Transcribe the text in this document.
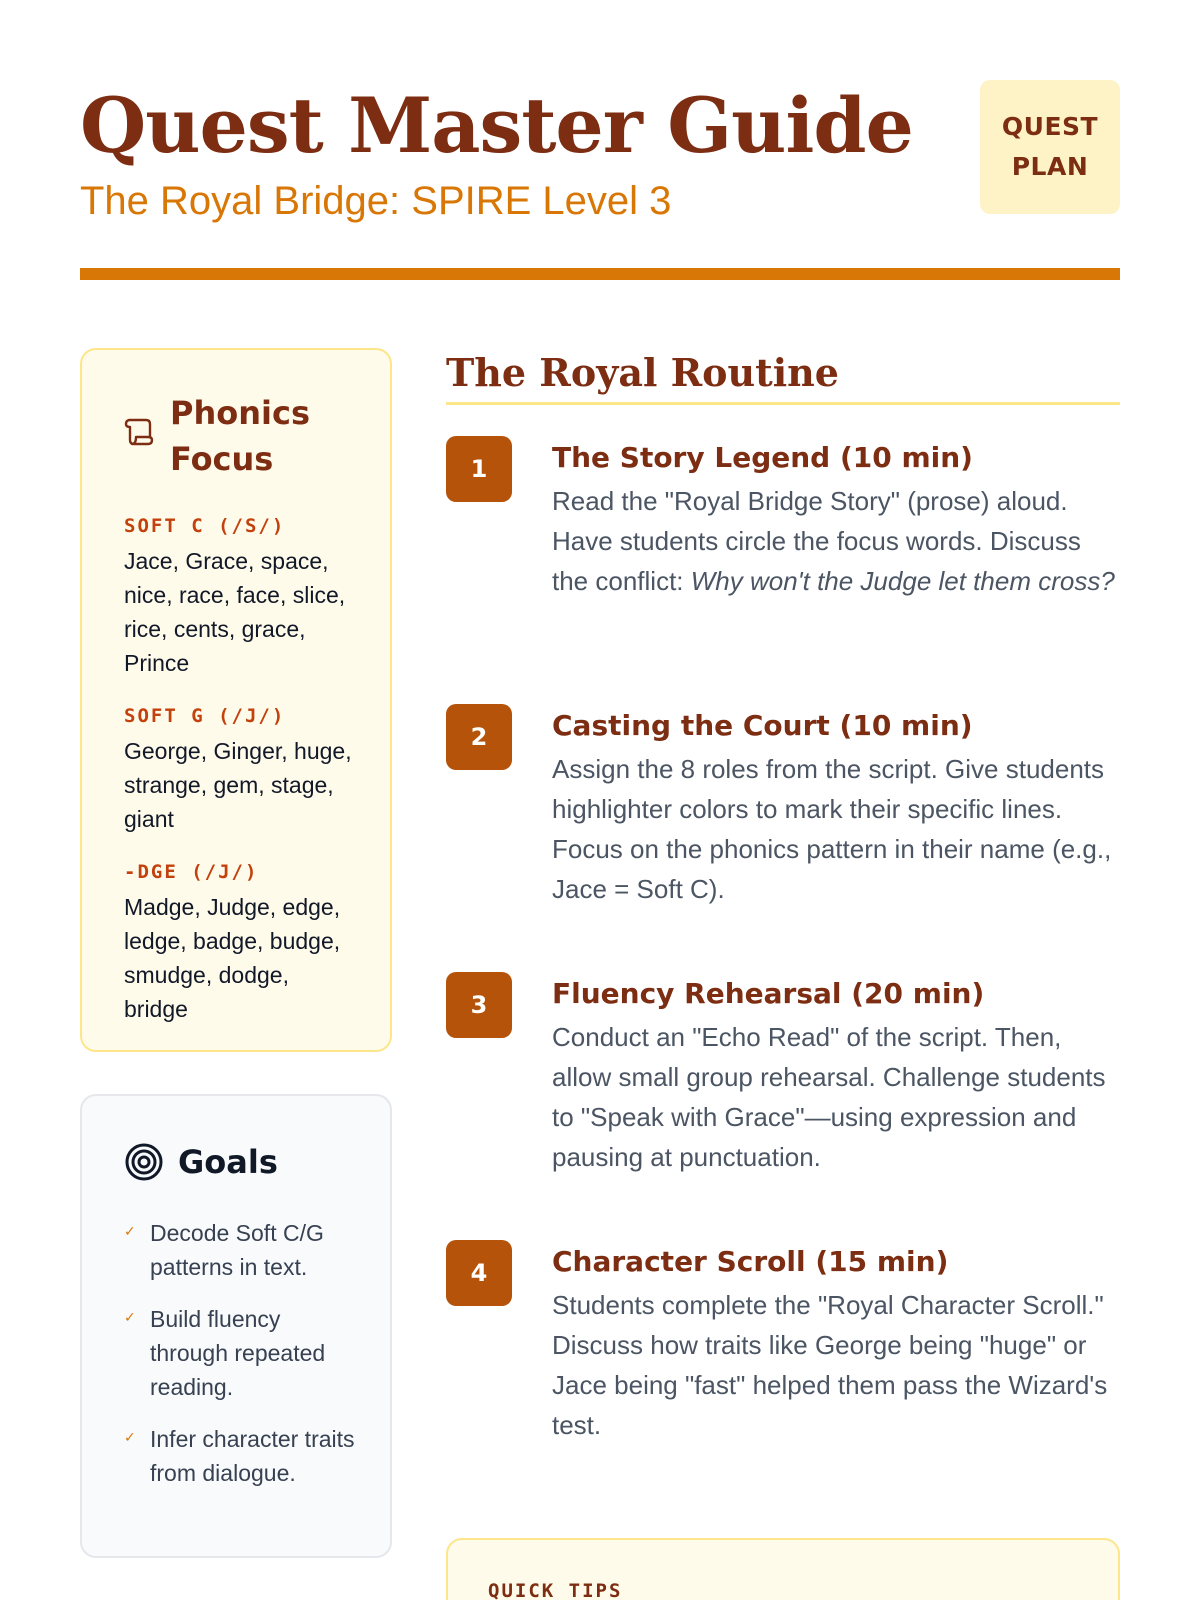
Quest Master Guide
The Royal Bridge: SPIRE Level 3
QUEST
PLAN
Phonics Focus
SOFT C (/S/)
Jace, Grace, space, nice, race, face, slice, rice, cents, grace, Prince
SOFT G (/J/)
George, Ginger, huge, strange, gem, stage, giant
-DGE (/J/)
Madge, Judge, edge, ledge, badge, budge, smudge, dodge, bridge
Goals
✓ Decode Soft C/G patterns in text.
✓ Build fluency through repeated reading.
✓ Infer character traits from dialogue.
The Royal Routine
1	The Story Legend (10 min)

Read the "Royal Bridge Story" (prose) aloud. Have students circle the focus words. Discuss the conflict: Why won't the Judge let them cross?

2	Casting the Court (10 min)

Assign the 8 roles from the script. Give students highlighter colors to mark their specific lines. Focus on the phonics pattern in their name (e.g., Jace = Soft C).

3	Fluency Rehearsal (20 min)

Conduct an "Echo Read" of the script. Then, allow small group rehearsal. Challenge students to "Speak with Grace"—using expression and pausing at punctuation.

4	Character Scroll (15 min)

Students complete the "Royal Character Scroll." Discuss how traits like George being "huge" or Jace being "fast" helped them pass the Wizard's test.

QUICK TIPS
